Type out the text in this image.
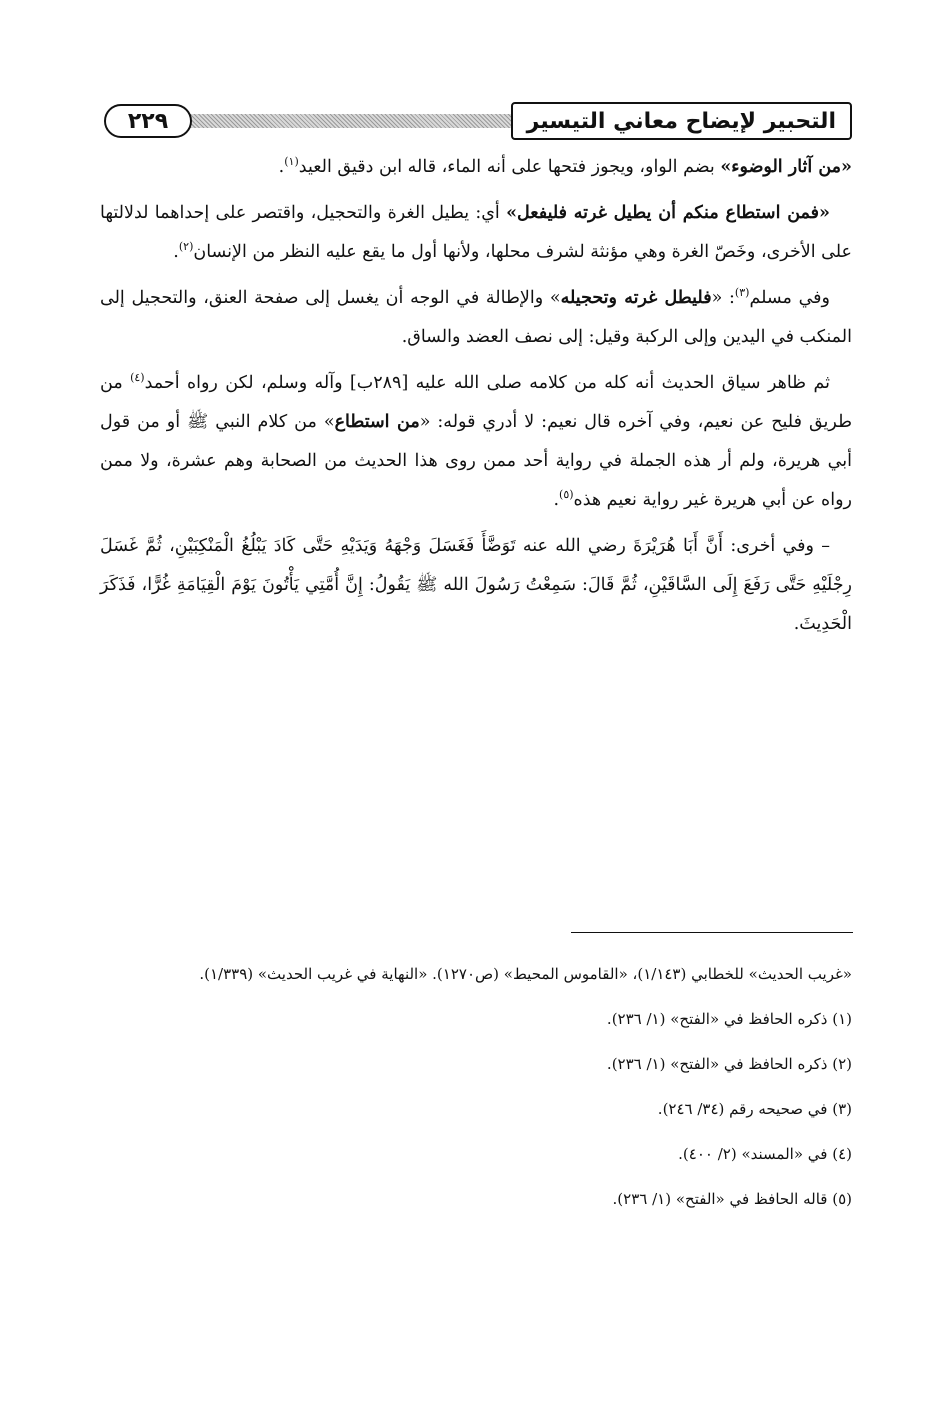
التحبير لإيضاح معاني التيسير
٢٢٩

«من آثار الوضوء» بضم الواو، ويجوز فتحها على أنه الماء، قاله ابن دقيق العيد$^{(١)}$.

«فمن استطاع منكم أن يطيل غرته فليفعل» أي: يطيل الغرة والتحجيل، واقتصر على إحداهما لدلالتها على الأخرى، وخَصّ الغرة وهي مؤنثة لشرف محلها، ولأنها أول ما يقع عليه النظر من الإنسان$^{(٢)}$.

وفي مسلم$^{(٣)}$: «فليطل غرته وتحجيله» والإطالة في الوجه أن يغسل إلى صفحة العنق، والتحجيل إلى المنكب في اليدين وإلى الركبة وقيل: إلى نصف العضد والساق.

ثم ظاهر سياق الحديث أنه كله من كلامه صلى الله عليه [٢٨٩ب] وآله وسلم، لكن رواه أحمد$^{(٤)}$ من طريق فليح عن نعيم، وفي آخره قال نعيم: لا أدري قوله: «من استطاع» من كلام النبي ﷺ أو من قول أبي هريرة، ولم أر هذه الجملة في رواية أحد ممن روى هذا الحديث من الصحابة وهم عشرة، ولا ممن رواه عن أبي هريرة غير رواية نعيم هذه$^{(٥)}$.

– وفي أخرى: أَنَّ أَبَا هُرَيْرَةَ رضي الله عنه تَوَضَّأَ فَغَسَلَ وَجْهَهُ وَيَدَيْهِ حَتَّى كَادَ يَبْلُغُ الْمَنْكِبَيْنِ، ثُمَّ غَسَلَ رِجْلَيْهِ حَتَّى رَفَعَ إِلَى السَّاقَيْنِ، ثُمَّ قَالَ: سَمِعْتُ رَسُولَ الله ﷺ يَقُولُ: إِنَّ أُمَّتِي يَأْتُونَ يَوْمَ الْقِيَامَةِ غُرًّا، فَذَكَرَ الْحَدِيثَ.

«غريب الحديث» للخطابي (١/١٤٣)، «القاموس المحيط» (ص١٢٧٠). «النهاية في غريب الحديث» (١/٣٣٩).
(١) ذكره الحافظ في «الفتح» (١/ ٢٣٦).
(٢) ذكره الحافظ في «الفتح» (١/ ٢٣٦).
(٣) في صحيحه رقم (٣٤/ ٢٤٦).
(٤) في «المسند» (٢/ ٤٠٠).
(٥) قاله الحافظ في «الفتح» (١/ ٢٣٦).
